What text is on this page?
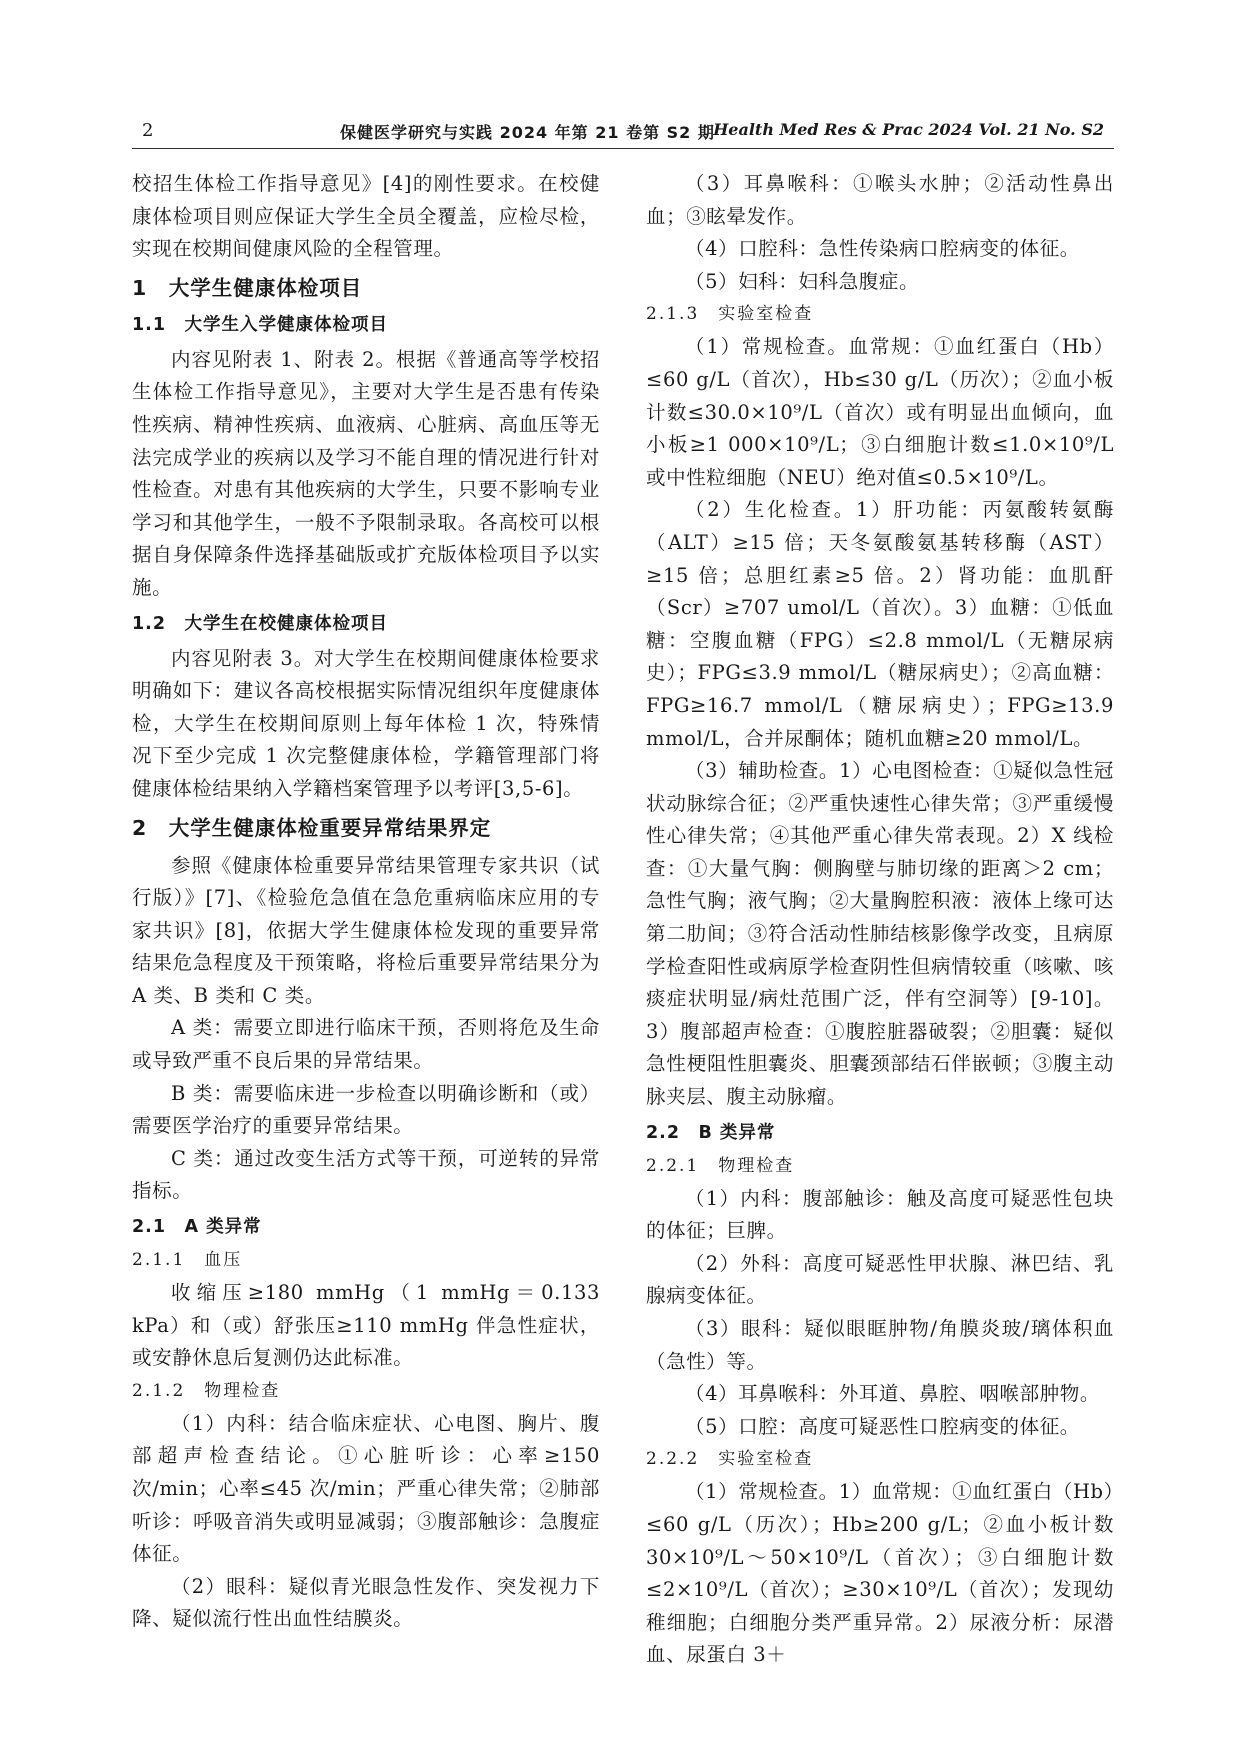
2	保健医学研究与实践 2024 年第 21 卷第 S2 期
Health Med Res & Prac 2024 Vol. 21 No. S2

校招生体检工作指导意见》[4]的刚性要求。在校健康体检项目则应保证大学生全员全覆盖，应检尽检，实现在校期间健康风险的全程管理。

1　大学生健康体检项目
1.1　大学生入学健康体检项目

内容见附表 1、附表 2。根据《普通高等学校招生体检工作指导意见》，主要对大学生是否患有传染性疾病、精神性疾病、血液病、心脏病、高血压等无法完成学业的疾病以及学习不能自理的情况进行针对性检查。对患有其他疾病的大学生，只要不影响专业学习和其他学生，一般不予限制录取。各高校可以根据自身保障条件选择基础版或扩充版体检项目予以实施。

1.2　大学生在校健康体检项目

内容见附表 3。对大学生在校期间健康体检要求明确如下：建议各高校根据实际情况组织年度健康体检，大学生在校期间原则上每年体检 1 次，特殊情况下至少完成 1 次完整健康体检，学籍管理部门将健康体检结果纳入学籍档案管理予以考评[3,5-6]。

2　大学生健康体检重要异常结果界定

参照《健康体检重要异常结果管理专家共识（试行版）》[7]、《检验危急值在急危重病临床应用的专家共识》[8]，依据大学生健康体检发现的重要异常结果危急程度及干预策略，将检后重要异常结果分为 A 类、B 类和 C 类。

A 类：需要立即进行临床干预，否则将危及生命或导致严重不良后果的异常结果。

B 类：需要临床进一步检查以明确诊断和（或）需要医学治疗的重要异常结果。

C 类：通过改变生活方式等干预，可逆转的异常指标。

2.1　A 类异常
2.1.1　血压

收缩压≥180 mmHg（1 mmHg＝0.133 kPa）和（或）舒张压≥110 mmHg 伴急性症状，或安静休息后复测仍达此标准。

2.1.2　物理检查

（1）内科：结合临床症状、心电图、胸片、腹部超声检查结论。①心脏听诊：心率≥150 次/min；心率≤45 次/min；严重心律失常；②肺部听诊：呼吸音消失或明显减弱；③腹部触诊：急腹症体征。

（2）眼科：疑似青光眼急性发作、突发视力下降、疑似流行性出血性结膜炎。

（3）耳鼻喉科：①喉头水肿；②活动性鼻出血；③眩晕发作。

（4）口腔科：急性传染病口腔病变的体征。

（5）妇科：妇科急腹症。

2.1.3　实验室检查

（1）常规检查。血常规：①血红蛋白（Hb）≤60 g/L（首次），Hb≤30 g/L（历次）；②血小板计数≤30.0×10⁹/L（首次）或有明显出血倾向，血小板≥1 000×10⁹/L；③白细胞计数≤1.0×10⁹/L或中性粒细胞（NEU）绝对值≤0.5×10⁹/L。

（2）生化检查。1）肝功能：丙氨酸转氨酶（ALT）≥15 倍；天冬氨酸氨基转移酶（AST）≥15 倍；总胆红素≥5 倍。2）肾功能：血肌酐（Scr）≥707 umol/L（首次）。3）血糖：①低血糖：空腹血糖（FPG）≤2.8 mmol/L（无糖尿病史）；FPG≤3.9 mmol/L（糖尿病史）；②高血糖：FPG≥16.7 mmol/L（糖尿病史）；FPG≥13.9 mmol/L，合并尿酮体；随机血糖≥20 mmol/L。

（3）辅助检查。1）心电图检查：①疑似急性冠状动脉综合征；②严重快速性心律失常；③严重缓慢性心律失常；④其他严重心律失常表现。2）X 线检查：①大量气胸：侧胸壁与肺切缘的距离＞2 cm；急性气胸；液气胸；②大量胸腔积液：液体上缘可达第二肋间；③符合活动性肺结核影像学改变，且病原学检查阳性或病原学检查阴性但病情较重（咳嗽、咳痰症状明显/病灶范围广泛，伴有空洞等）[9-10]。3）腹部超声检查：①腹腔脏器破裂；②胆囊：疑似急性梗阻性胆囊炎、胆囊颈部结石伴嵌顿；③腹主动脉夹层、腹主动脉瘤。

2.2　B 类异常
2.2.1　物理检查

（1）内科：腹部触诊：触及高度可疑恶性包块的体征；巨脾。

（2）外科：高度可疑恶性甲状腺、淋巴结、乳腺病变体征。

（3）眼科：疑似眼眶肿物/角膜炎玻/璃体积血（急性）等。

（4）耳鼻喉科：外耳道、鼻腔、咽喉部肿物。

（5）口腔：高度可疑恶性口腔病变的体征。

2.2.2　实验室检查

（1）常规检查。1）血常规：①血红蛋白（Hb）≤60 g/L（历次）；Hb≥200 g/L；②血小板计数 30×10⁹/L～50×10⁹/L（首次）；③白细胞计数≤2×10⁹/L（首次）；≥30×10⁹/L（首次）；发现幼稚细胞；白细胞分类严重异常。2）尿液分析：尿潜血、尿蛋白 3＋
